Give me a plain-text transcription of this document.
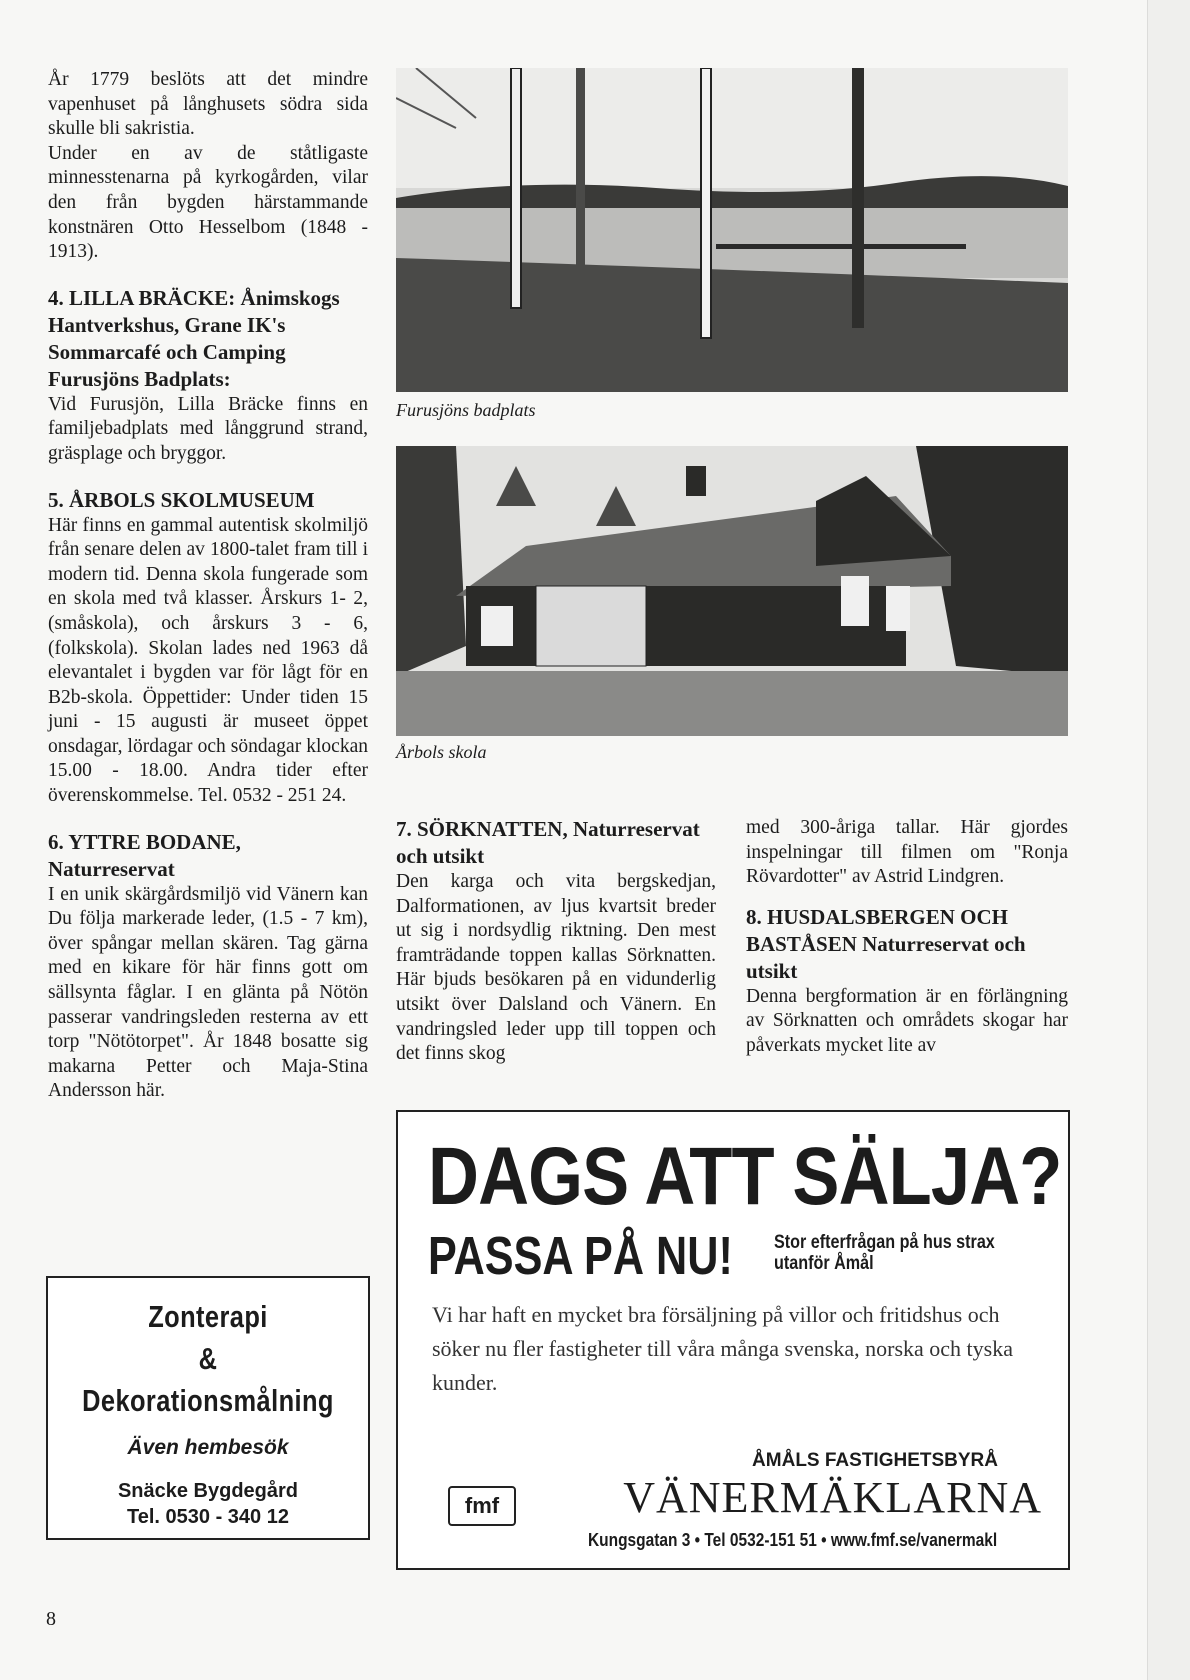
År 1779 beslöts att det mindre vapenhuset på långhusets södra sida skulle bli sakristia.

Under en av de ståtligaste minnesstenarna på kyrkogården, vilar den från bygden härstammande konstnären Otto Hesselbom (1848 - 1913).

4. LILLA BRÄCKE: Ånimskogs Hantverkshus, Grane IK's Sommarcafé och Camping
Furusjöns Badplats:

Vid Furusjön, Lilla Bräcke finns en familjebadplats med långgrund strand, gräsplage och bryggor.

5. ÅRBOLS SKOLMUSEUM

Här finns en gammal autentisk skolmiljö från senare delen av 1800-talet fram till i modern tid. Denna skola fungerade som en skola med två klasser. Årskurs 1- 2, (småskola), och årskurs 3 - 6, (folkskola). Skolan lades ned 1963 då elevantalet i bygden var för lågt för en B2b-skola. Öppettider: Under tiden 15 juni - 15 augusti är museet öppet onsdagar, lördagar och söndagar klockan 15.00 - 18.00. Andra tider efter överenskommelse. Tel. 0532 - 251 24.

6. YTTRE BODANE, Naturreservat

I en unik skärgårdsmiljö vid Vänern kan Du följa markerade leder, (1.5 - 7 km), över spångar mellan skären. Tag gärna med en kikare för här finns gott om sällsynta fåglar. I en glänta på Nötön passerar vandringsleden resterna av ett torp "Nötötorpet". År 1848 bosatte sig makarna Petter och Maja-Stina Andersson här.

Furusjöns badplats
Årbols skola
7. SÖRKNATTEN, Naturreservat och utsikt

Den karga och vita bergskedjan, Dalformationen, av ljus kvartsit breder ut sig i nordsydlig riktning. Den mest framträdande toppen kallas Sörknatten. Här bjuds besökaren på en vidunderlig utsikt över Dalsland och Vänern. En vandringsled leder upp till toppen och det finns skog

med 300-åriga tallar. Här gjordes inspelningar till filmen om "Ronja Rövardotter" av Astrid Lindgren.

8. HUSDALSBERGEN OCH BASTÅSEN Naturreservat och utsikt

Denna bergformation är en förlängning av Sörknatten och områdets skogar har påverkats mycket lite av

Zonterapi
&
Dekorationsmålning
Även hembesök
Snäcke Bygdegård
Tel. 0530 - 340 12
DAGS ATT SÄLJA?
PASSA PÅ NU! Stor efterfrågan på hus strax utanför Åmål
Vi har haft en mycket bra försäljning på villor och fritidshus och söker nu fler fastigheter till våra många svenska, norska och tyska kunder.
ÅMÅLS FASTIGHETSBYRÅ
VÄNERMÄKLARNA
fmf
Kungsgatan 3 • Tel 0532-151 51 • www.fmf.se/vanermakl
8
